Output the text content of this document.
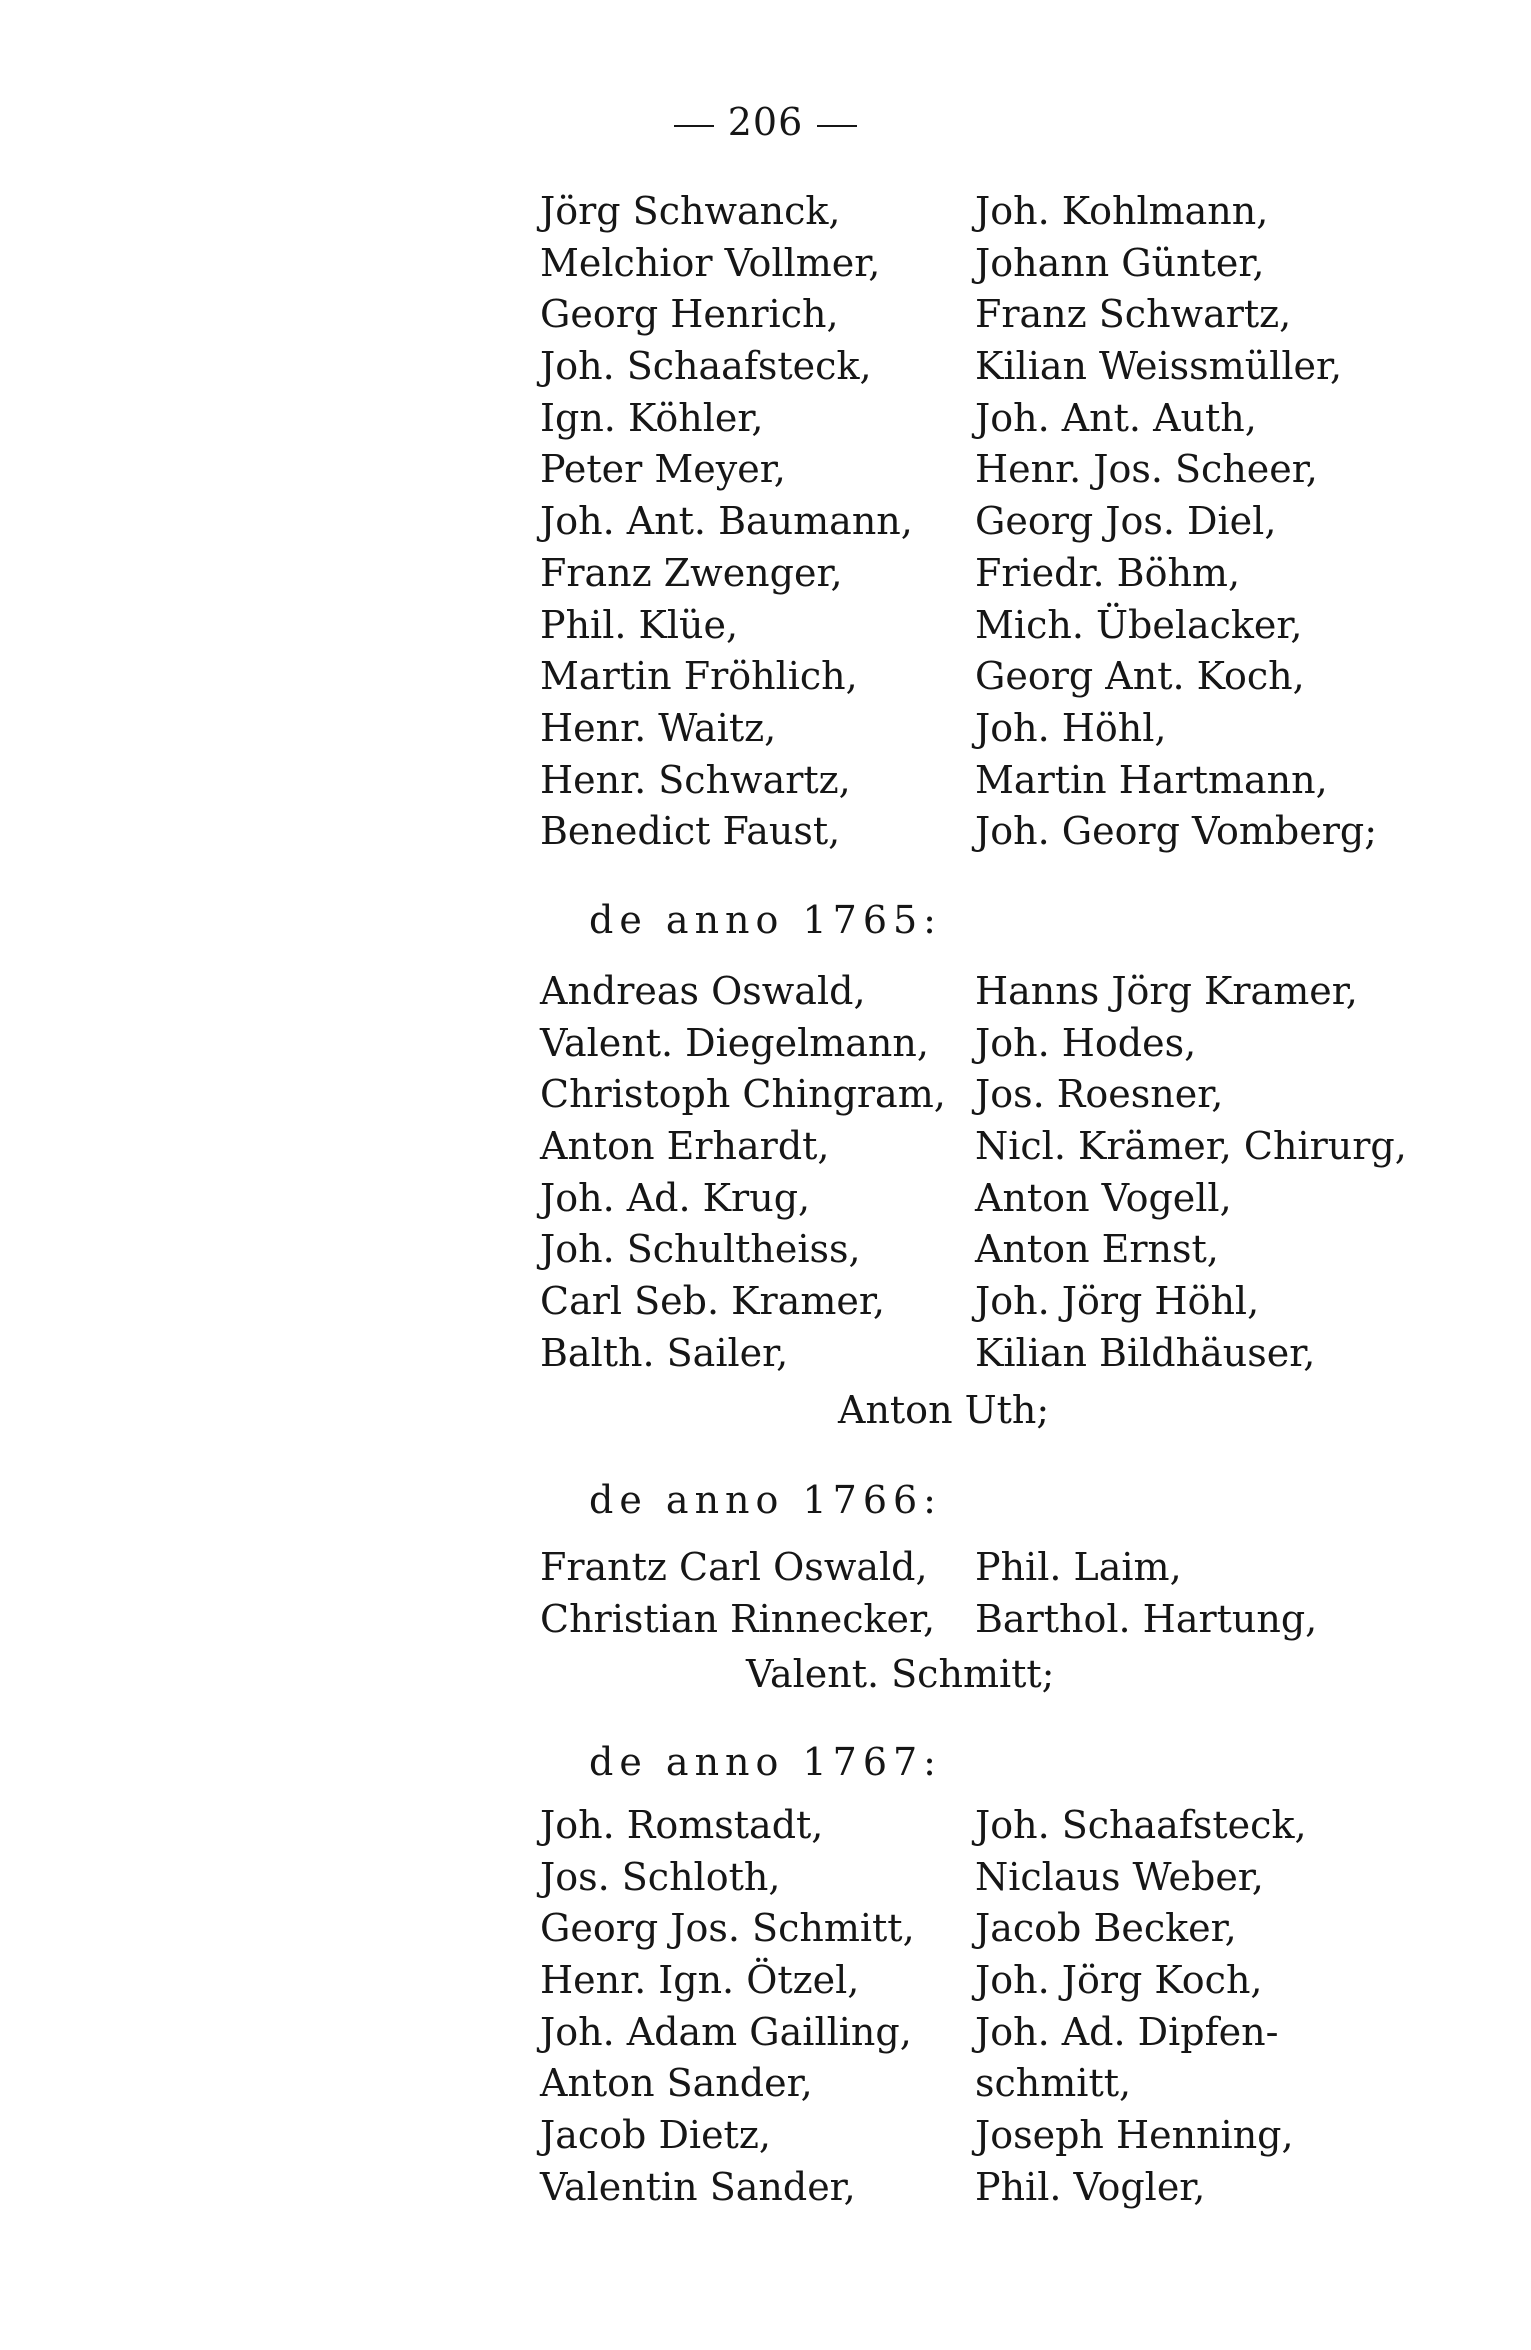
206
Jörg Schwanck,	Joh. Kohlmann,
Melchior Vollmer,	Johann Günter,
Georg Henrich,	Franz Schwartz,
Joh. Schaafsteck,	Kilian Weissmüller,
Ign. Köhler,	Joh. Ant. Auth,
Peter Meyer,	Henr. Jos. Scheer,
Joh. Ant. Baumann,	Georg Jos. Diel,
Franz Zwenger,	Friedr. Böhm,
Phil. Klüe,	Mich. Übelacker,
Martin Fröhlich,	Georg Ant. Koch,
Henr. Waitz,	Joh. Höhl,
Henr. Schwartz,	Martin Hartmann,
Benedict Faust,	Joh. Georg Vomberg;
de anno 1765:
Andreas Oswald,	Hanns Jörg Kramer,
Valent. Diegelmann,	Joh. Hodes,
Christoph Chingram, Jos. Roesner,
Anton Erhardt,	Nicl. Krämer, Chirurg,
Joh. Ad. Krug,	Anton Vogell,
Joh. Schultheiss,	Anton Ernst,
Carl Seb. Kramer,	Joh. Jörg Höhl,
Balth. Sailer,	Kilian Bildhäuser,
Anton Uth;
de anno 1766:
Frantz Carl Oswald,	Phil. Laim,
Christian Rinnecker,	Barthol. Hartung,
Valent. Schmitt;
de anno 1767:
Joh. Romstadt,	Joh. Schaafsteck,
Jos. Schloth,	Niclaus Weber,
Georg Jos. Schmitt,	Jacob Becker,
Henr. Ign. Ötzel,	Joh. Jörg Koch,
Joh. Adam Gailling,	Joh. Ad. Dipfen-
Anton Sander,	schmitt,
Jacob Dietz,	Joseph Henning,
Valentin Sander,	Phil. Vogler,
